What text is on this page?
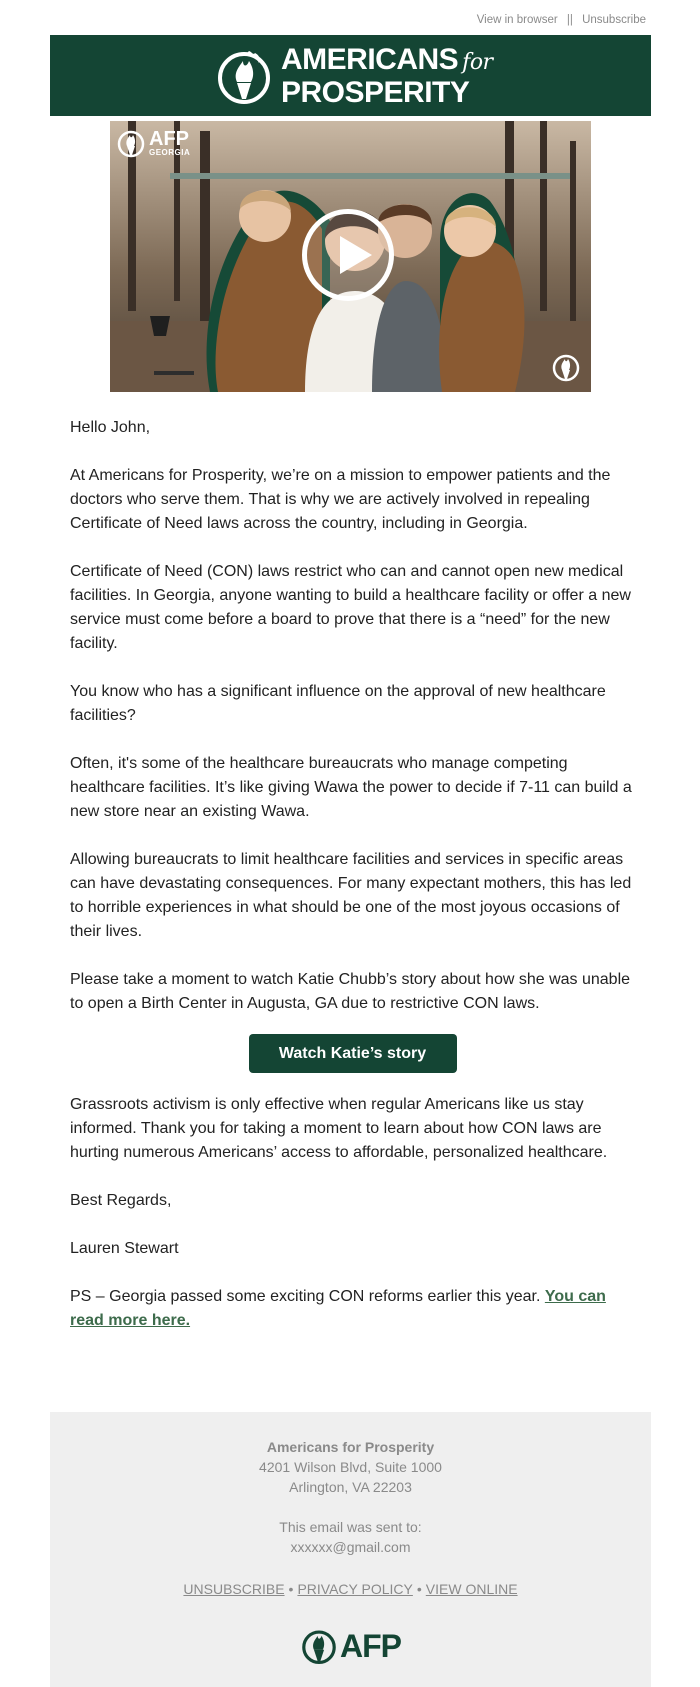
View in browser || Unsubscribe
AMERICANS for
PROSPERITY
AFP
GEORGIA

Hello John,

At Americans for Prosperity, we’re on a mission to empower patients and the doctors who serve them. That is why we are actively involved in repealing Certificate of Need laws across the country, including in Georgia.

Certificate of Need (CON) laws restrict who can and cannot open new medical facilities. In Georgia, anyone wanting to build a healthcare facility or offer a new service must come before a board to prove that there is a “need” for the new facility.

You know who has a significant influence on the approval of new healthcare facilities?

Often, it's some of the healthcare bureaucrats who manage competing healthcare facilities. It’s like giving Wawa the power to decide if 7-11 can build a new store near an existing Wawa.

Allowing bureaucrats to limit healthcare facilities and services in specific areas can have devastating consequences. For many expectant mothers, this has led to horrible experiences in what should be one of the most joyous occasions of their lives.

Please take a moment to watch Katie Chubb’s story about how she was unable to open a Birth Center in Augusta, GA due to restrictive CON laws.

Watch Katie’s story

Grassroots activism is only effective when regular Americans like us stay informed. Thank you for taking a moment to learn about how CON laws are hurting numerous Americans’ access to affordable, personalized healthcare.

Best Regards,

Lauren Stewart

PS – Georgia passed some exciting CON reforms earlier this year. You can read more here.

Americans for Prosperity
4201 Wilson Blvd, Suite 1000
Arlington, VA 22203
This email was sent to:
xxxxxx@gmail.com
UNSUBSCRIBE • PRIVACY POLICY • VIEW ONLINE
AFP
